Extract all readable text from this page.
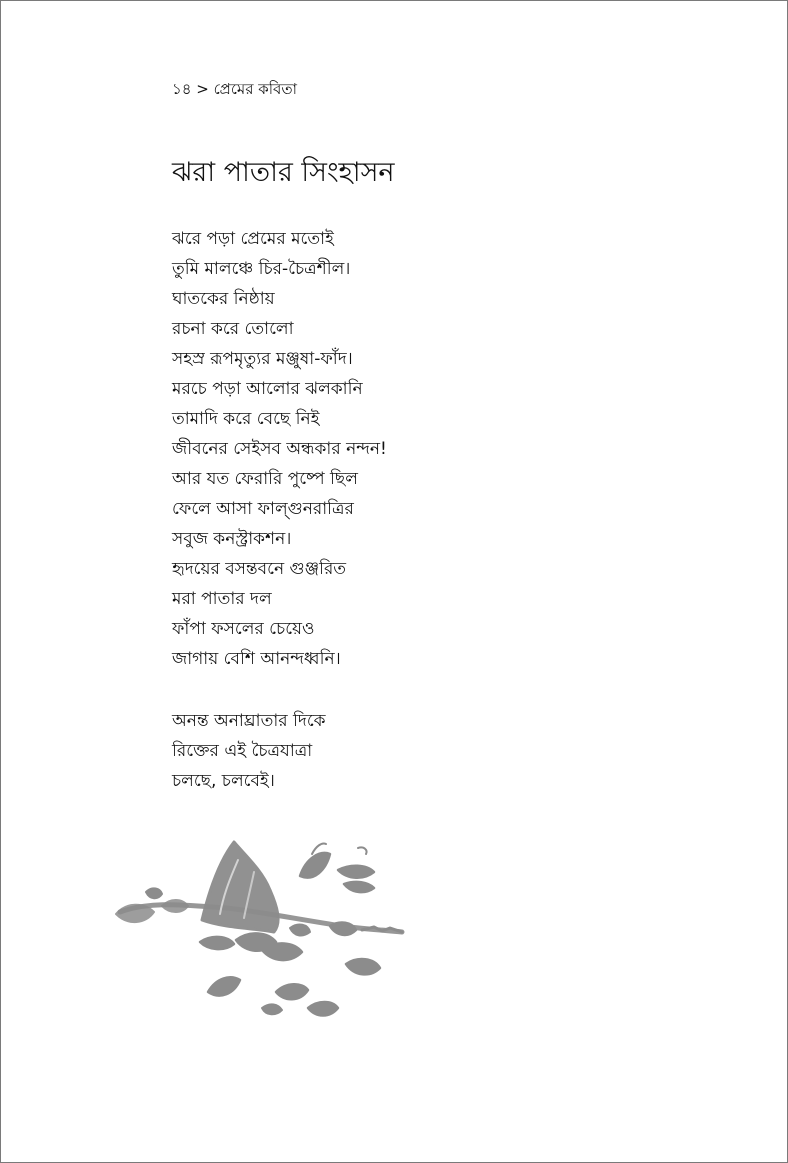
১৪ > প্রেমের কবিতা
ঝরা পাতার সিংহাসন
ঝরে পড়া প্রেমের মতোই
তুমি মালঞ্চে চির-চৈত্রশীল।
ঘাতকের নিষ্ঠায়
রচনা করে তোলো
সহস্র রূপমৃত্যুর মঞ্জুষা-ফাঁদ।
মরচে পড়া আলোর ঝলকানি
তামাদি করে বেছে নিই
জীবনের সেইসব অন্ধকার নন্দন!
আর যত ফেরারি পুষ্পে ছিল
ফেলে আসা ফাল্গুনরাত্রির
সবুজ কনস্ট্রাকশন।
হৃদয়ের বসন্তবনে গুঞ্জরিত
মরা পাতার দল
ফাঁপা ফসলের চেয়েও
জাগায় বেশি আনন্দধ্বনি।
অনন্ত অনাঘ্রাতার দিকে
রিক্তের এই চৈত্রযাত্রা
চলছে, চলবেই।
